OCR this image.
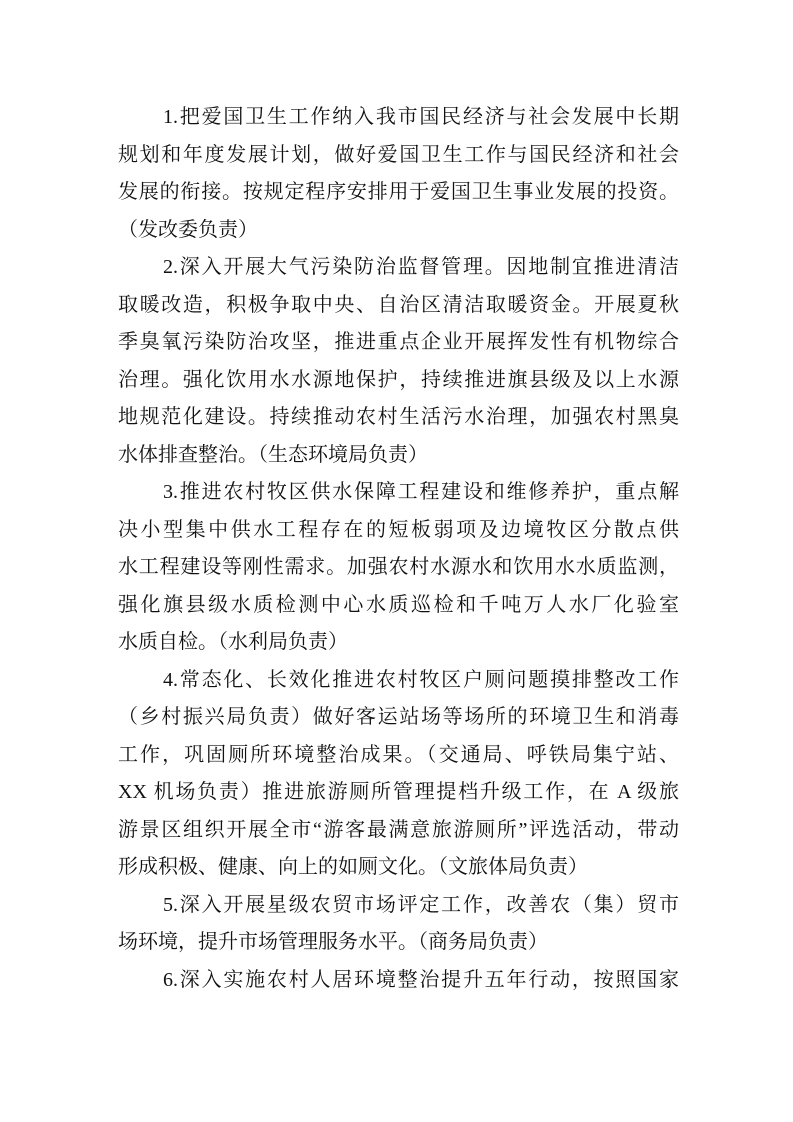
1.把爱国卫生工作纳入我市国民经济与社会发展中长期
规划和年度发展计划，做好爱国卫生工作与国民经济和社会
发展的衔接。按规定程序安排用于爱国卫生事业发展的投资。
（发改委负责）
2.深入开展大气污染防治监督管理。因地制宜推进清洁
取暖改造，积极争取中央、自治区清洁取暖资金。开展夏秋
季臭氧污染防治攻坚，推进重点企业开展挥发性有机物综合
治理。强化饮用水水源地保护，持续推进旗县级及以上水源
地规范化建设。持续推动农村生活污水治理，加强农村黑臭
水体排查整治。（生态环境局负责）
3.推进农村牧区供水保障工程建设和维修养护，重点解
决小型集中供水工程存在的短板弱项及边境牧区分散点供
水工程建设等刚性需求。加强农村水源水和饮用水水质监测，
强化旗县级水质检测中心水质巡检和千吨万人水厂化验室
水质自检。（水利局负责）
4.常态化、长效化推进农村牧区户厕问题摸排整改工作
（乡村振兴局负责）做好客运站场等场所的环境卫生和消毒
工作，巩固厕所环境整治成果。（交通局、呼铁局集宁站、
XX 机场负责）推进旅游厕所管理提档升级工作，在 A 级旅
游景区组织开展全市“游客最满意旅游厕所”评选活动，带动
形成积极、健康、向上的如厕文化。（文旅体局负责）
5.深入开展星级农贸市场评定工作，改善农（集）贸市
场环境，提升市场管理服务水平。（商务局负责）
6.深入实施农村人居环境整治提升五年行动，按照国家
